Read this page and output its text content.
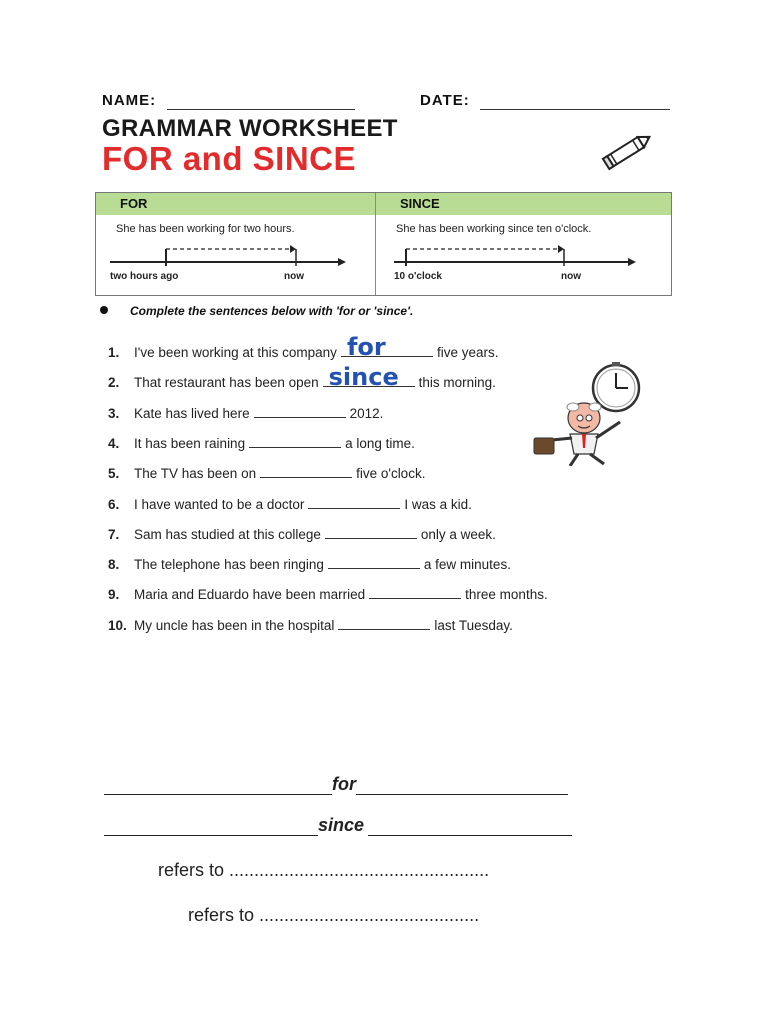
NAME:	DATE:
GRAMMAR WORKSHEET
FOR and SINCE
FOR
She has been working for two hours.
two hours ago	now
SINCE
She has been working since ten o'clock.
10 o'clock	now
Complete the sentences below with 'for or 'since'.
1. I've been working at this company for	five years.
2. That restaurant has been open since this morning.
3. Kate has lived here	2012.
4. It has been raining	a long time.
5. The TV has been on	five o'clock.
6. I have wanted to be a doctor	I was a kid.
7. Sam has studied at this college	only a week.
8. The telephone has been ringing	a few minutes.
9. Maria and Eduardo have been married	three months.
10. My uncle has been in the hospital	last Tuesday.
for
since
refers to ....................................................
refers to ............................................
